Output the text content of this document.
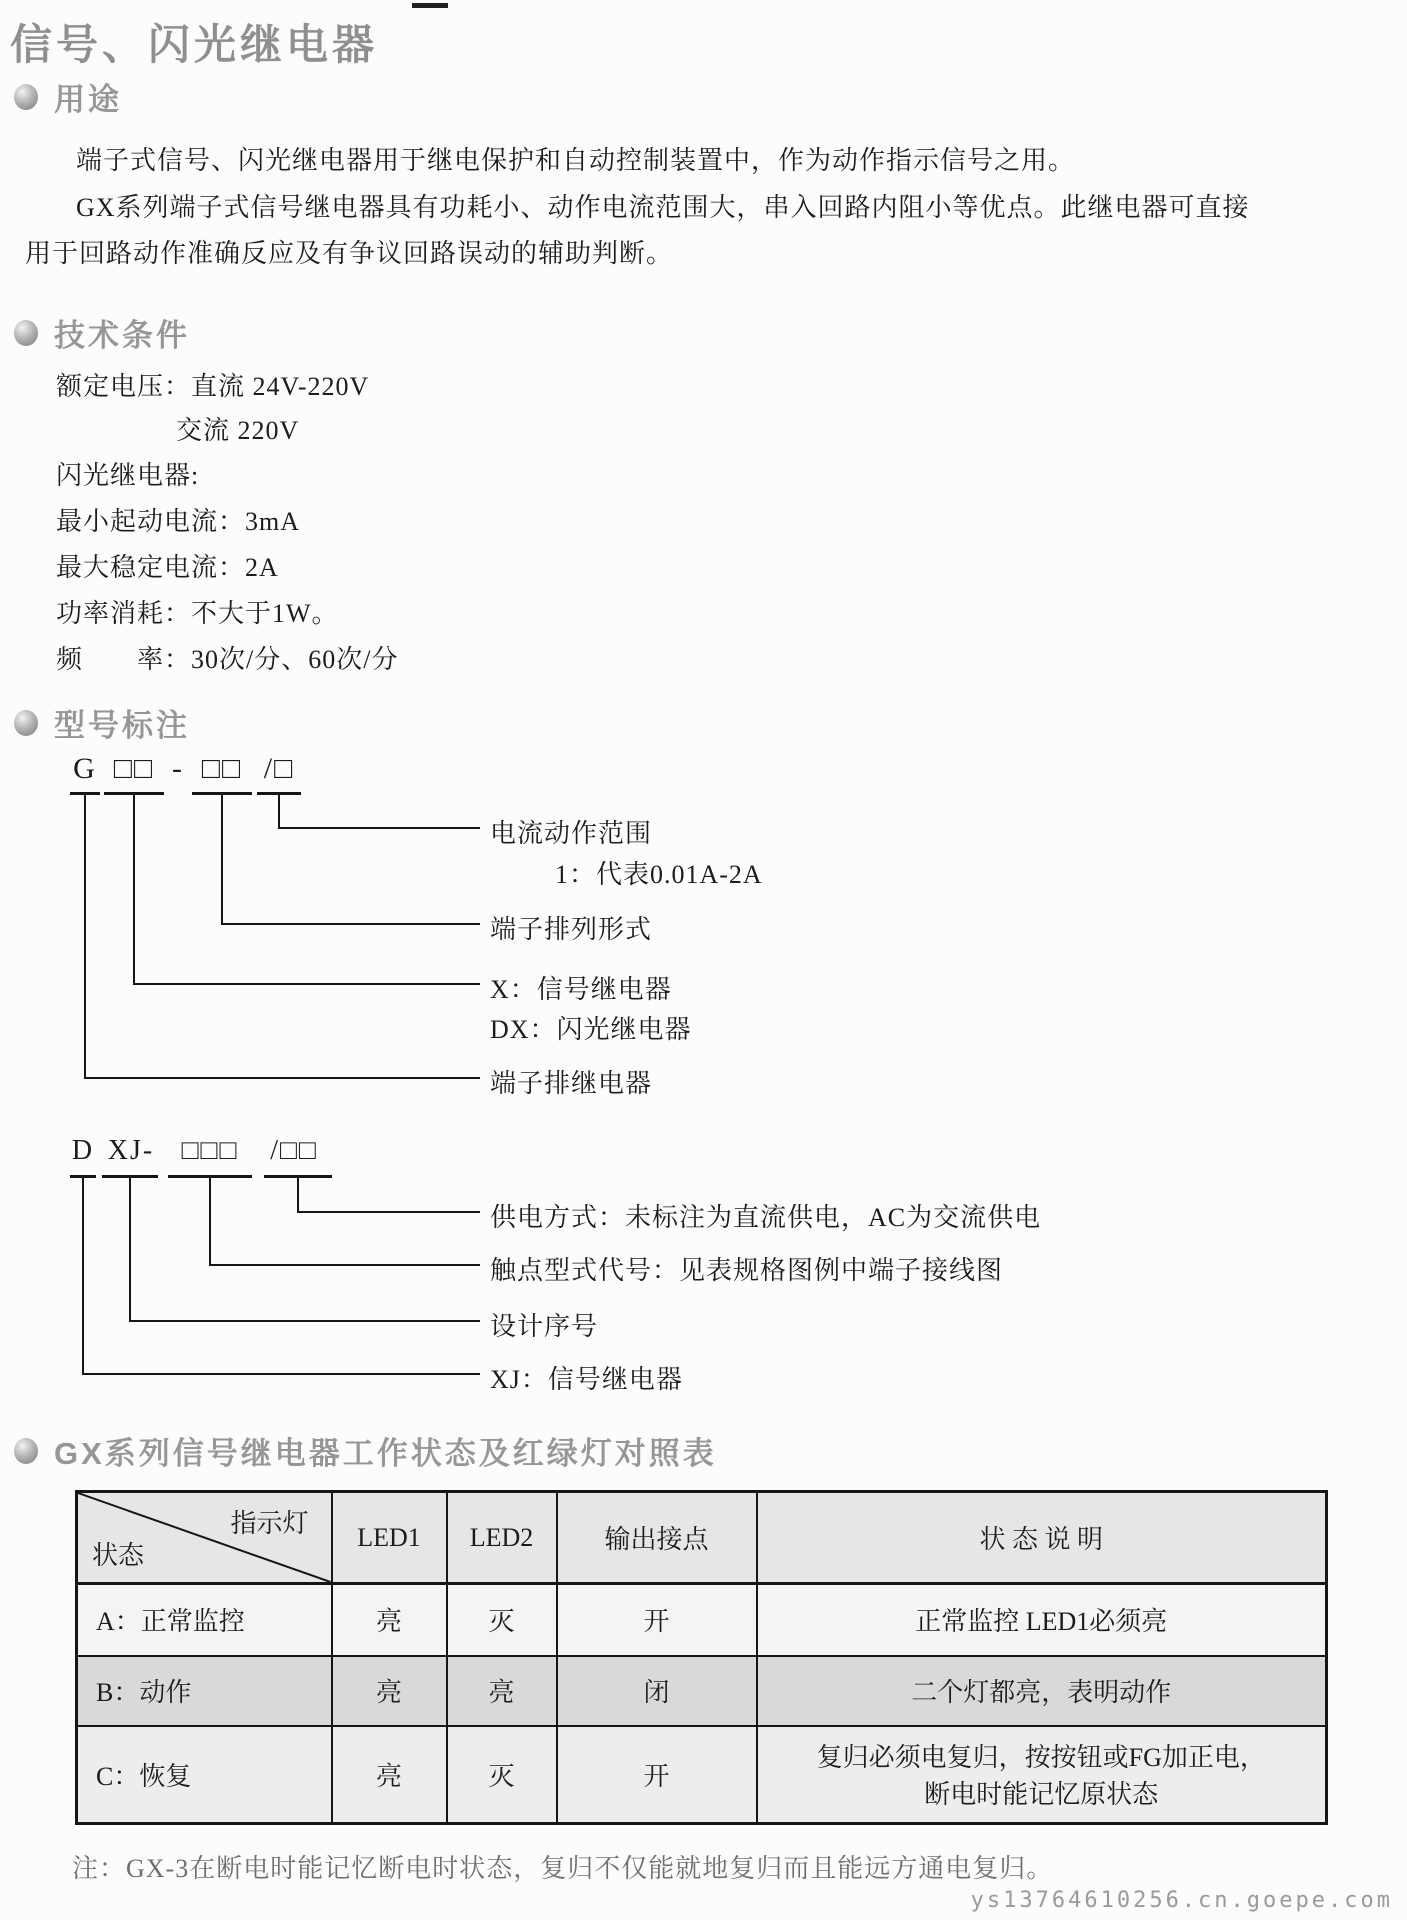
信号、闪光继电器
用途
端子式信号、闪光继电器用于继电保护和自动控制装置中，作为动作指示信号之用。
GX系列端子式信号继电器具有功耗小、动作电流范围大，串入回路内阻小等优点。此继电器可直接
用于回路动作准确反应及有争议回路误动的辅助判断。
技术条件
额定电压：直流 24V-220V
交流 220V
闪光继电器:
最小起动电流：3mA
最大稳定电流：2A
功率消耗：不大于1W。
频　　率：30次/分、60次/分
型号标注
G □□ - □□ /□
电流动作范围
1：代表0.01A-2A
端子排列形式
X：信号继电器
DX：闪光继电器
端子排继电器
D XJ- □□□	/□□
供电方式：未标注为直流供电，AC为交流供电
触点型式代号：见表规格图例中端子接线图
设计序号
XJ：信号继电器
GX系列信号继电器工作状态及红绿灯对照表
指示灯
状态	LED1	LED2	输出接点	状 态 说 明
A：正常监控	亮	灭	开	正常监控 LED1必须亮
B：动作	亮	亮	闭	二个灯都亮，表明动作
C：恢复	亮	灭	开	复归必须电复归，按按钮或FG加正电，
断电时能记忆原状态
注：GX-3在断电时能记忆断电时状态，复归不仅能就地复归而且能远方通电复归。
ys13764610256.cn.goepe.com
